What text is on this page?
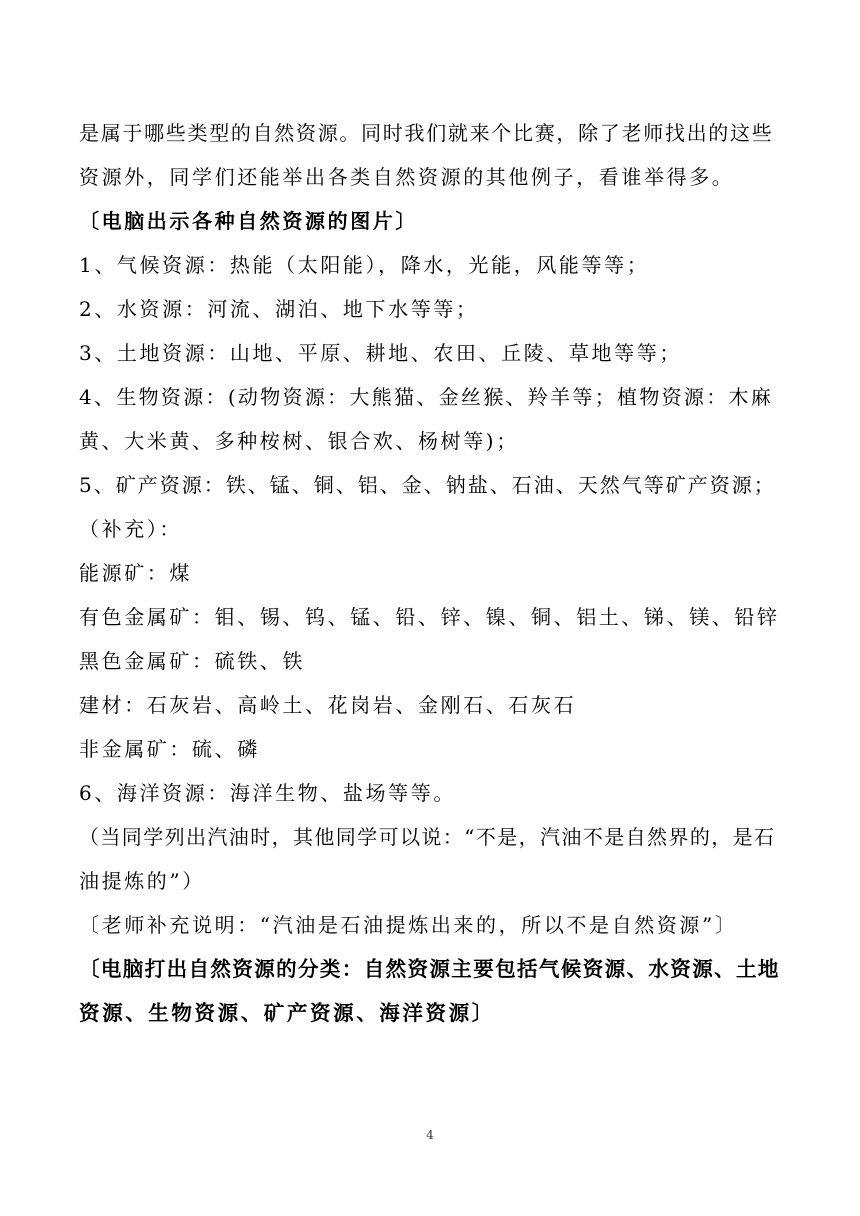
是属于哪些类型的自然资源。同时我们就来个比赛，除了老师找出的这些
资源外，同学们还能举出各类自然资源的其他例子，看谁举得多。
〔电脑出示各种自然资源的图片〕
1、气候资源：热能（太阳能），降水，光能，风能等等；
2、水资源：河流、湖泊、地下水等等；
3、土地资源：山地、平原、耕地、农田、丘陵、草地等等；
4、生物资源：(动物资源：大熊猫、金丝猴、羚羊等；植物资源：木麻
黄、大米黄、多种桉树、银合欢、杨树等)；
5、矿产资源：铁、锰、铜、铝、金、钠盐、石油、天然气等矿产资源；
（补充）：
能源矿：煤
有色金属矿：钼、锡、钨、锰、铅、锌、镍、铜、铝土、锑、镁、铅锌
黑色金属矿：硫铁、铁
建材：石灰岩、高岭土、花岗岩、金刚石、石灰石
非金属矿：硫、磷
6、海洋资源：海洋生物、盐场等等。
（当同学列出汽油时，其他同学可以说：“不是，汽油不是自然界的，是石
油提炼的”）
〔老师补充说明：“汽油是石油提炼出来的，所以不是自然资源”〕
〔电脑打出自然资源的分类：自然资源主要包括气候资源、水资源、土地
资源、生物资源、矿产资源、海洋资源〕
4
